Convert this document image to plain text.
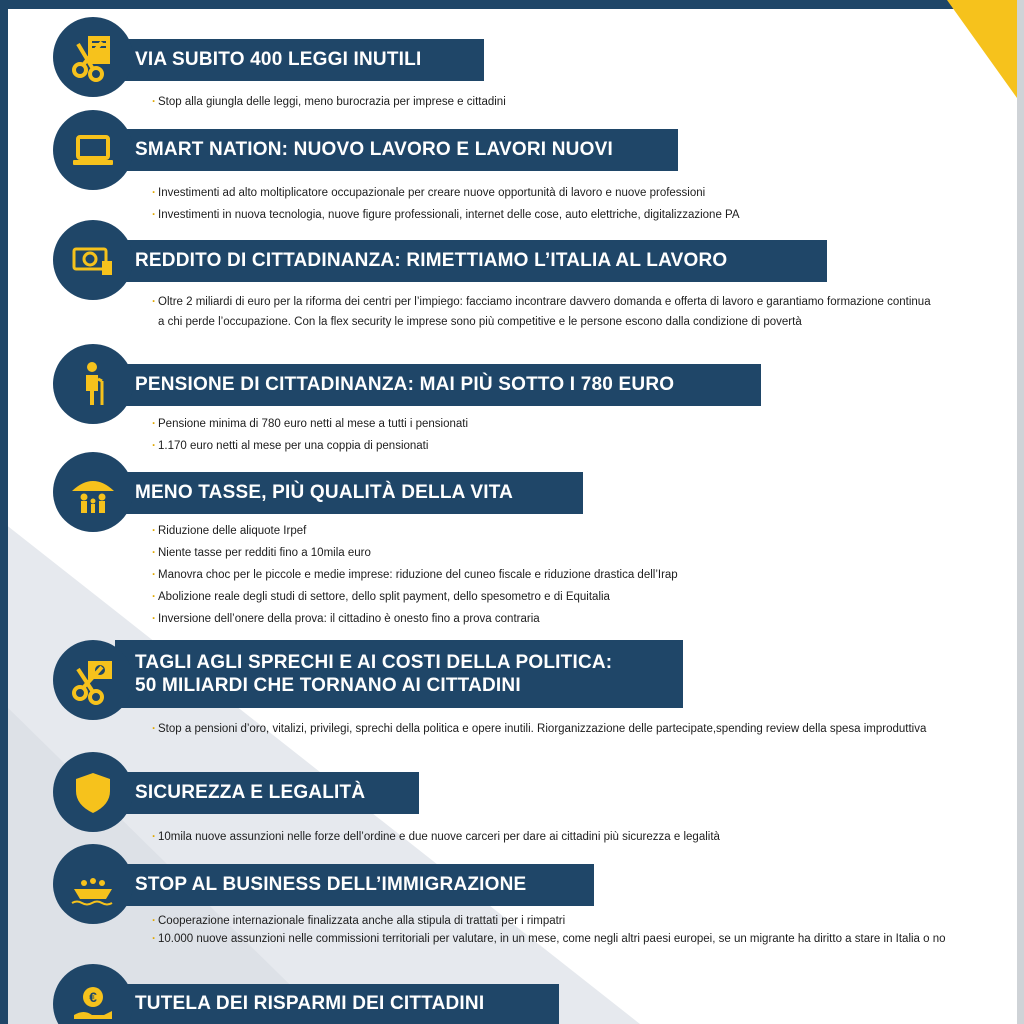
VIA SUBITO 400 LEGGI INUTILI
· Stop alla giungla delle leggi, meno burocrazia per imprese e cittadini
SMART NATION: NUOVO LAVORO E LAVORI NUOVI
· Investimenti ad alto moltiplicatore occupazionale per creare nuove opportunità di lavoro e nuove professioni
· Investimenti in nuova tecnologia, nuove figure professionali, internet delle cose, auto elettriche, digitalizzazione PA
REDDITO DI CITTADINANZA: RIMETTIAMO L’ITALIA AL LAVORO
· Oltre 2 miliardi di euro per la riforma dei centri per l’impiego: facciamo incontrare davvero domanda e offerta di lavoro e garantiamo formazione continua a chi perde l’occupazione. Con la flex security le imprese sono più competitive e le persone escono dalla condizione di povertà
PENSIONE DI CITTADINANZA: MAI PIÙ SOTTO I 780 EURO
· Pensione minima di 780 euro netti al mese a tutti i pensionati
· 1.170 euro netti al mese per una coppia di pensionati
MENO TASSE, PIÙ QUALITÀ DELLA VITA
· Riduzione delle aliquote Irpef
· Niente tasse per redditi fino a 10mila euro
· Manovra choc per le piccole e medie imprese: riduzione del cuneo fiscale e riduzione drastica dell’Irap
· Abolizione reale degli studi di settore, dello split payment, dello spesometro e di Equitalia
· Inversione dell’onere della prova: il cittadino è onesto fino a prova contraria
TAGLI AGLI SPRECHI E AI COSTI DELLA POLITICA:
50 MILIARDI CHE TORNANO AI CITTADINI
· Stop a pensioni d’oro, vitalizi, privilegi, sprechi della politica e opere inutili. Riorganizzazione delle partecipate,spending review della spesa improduttiva
SICUREZZA E LEGALITÀ
· 10mila nuove assunzioni nelle forze dell’ordine e due nuove carceri per dare ai cittadini più sicurezza e legalità
STOP AL BUSINESS DELL’IMMIGRAZIONE
· Cooperazione internazionale finalizzata anche alla stipula di trattati per i rimpatri
· 10.000 nuove assunzioni nelle commissioni territoriali per valutare, in un mese, come negli altri paesi europei, se un migrante ha diritto a stare in Italia o no
€	TUTELA DEI RISPARMI DEI CITTADINI
